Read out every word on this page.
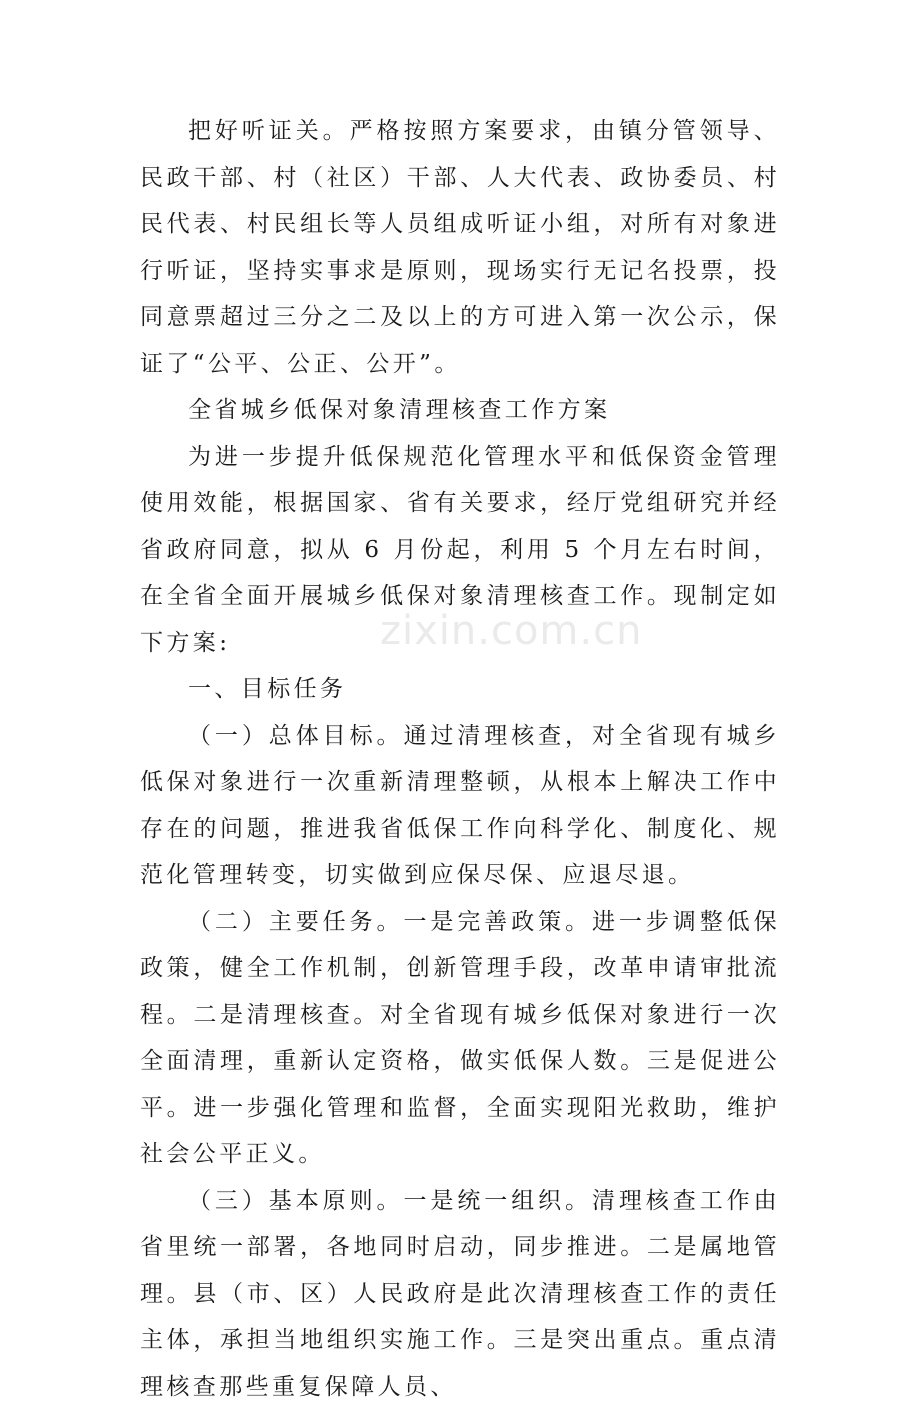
把好听证关。严格按照方案要求，由镇分管领导、民政干部、村（社区）干部、人大代表、政协委员、村民代表、村民组长等人员组成听证小组，对所有对象进行听证，坚持实事求是原则，现场实行无记名投票，投同意票超过三分之二及以上的方可进入第一次公示，保证了“公平、公正、公开”。

全省城乡低保对象清理核查工作方案

为进一步提升低保规范化管理水平和低保资金管理使用效能，根据国家、省有关要求，经厅党组研究并经省政府同意，拟从 6 月份起，利用 5 个月左右时间，在全省全面开展城乡低保对象清理核查工作。现制定如下方案:

一、目标任务

（一）总体目标。通过清理核查，对全省现有城乡低保对象进行一次重新清理整顿，从根本上解决工作中存在的问题，推进我省低保工作向科学化、制度化、规范化管理转变，切实做到应保尽保、应退尽退。

（二）主要任务。一是完善政策。进一步调整低保政策，健全工作机制，创新管理手段，改革申请审批流程。二是清理核查。对全省现有城乡低保对象进行一次全面清理，重新认定资格，做实低保人数。三是促进公平。进一步强化管理和监督，全面实现阳光救助，维护社会公平正义。

（三）基本原则。一是统一组织。清理核查工作由省里统一部署，各地同时启动，同步推进。二是属地管理。县（市、区）人民政府是此次清理核查工作的责任主体，承担当地组织实施工作。三是突出重点。重点清理核查那些重复保障人员、

zixin.com.cn
